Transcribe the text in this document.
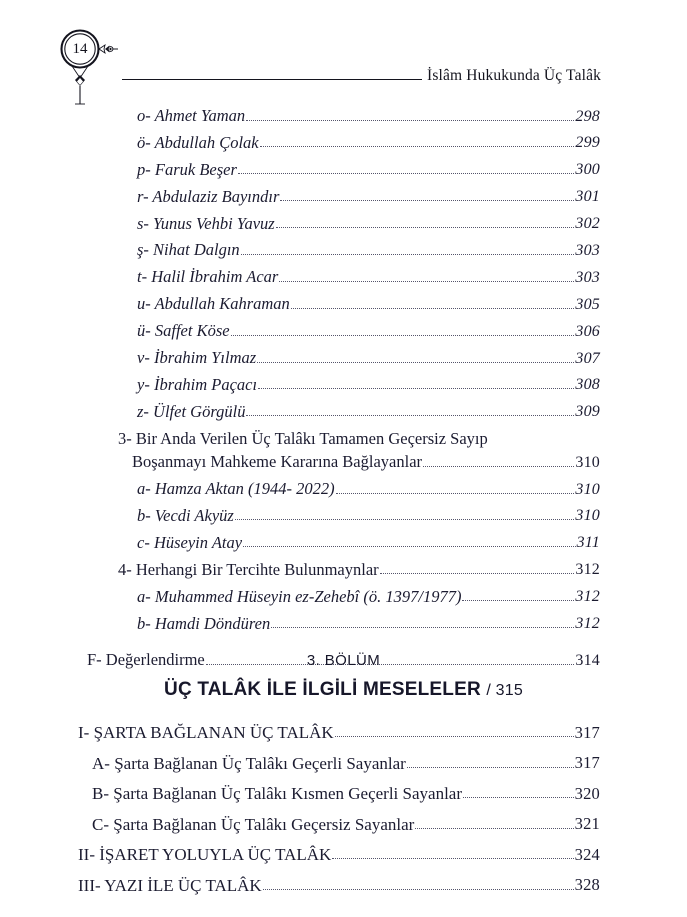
14
İslâm Hukukunda Üç Talâk
o- Ahmet Yaman	298
ö- Abdullah Çolak	299
p- Faruk Beşer	300
r- Abdulaziz Bayındır	301
s- Yunus Vehbi Yavuz	302
ş- Nihat Dalgın	303
t- Halil İbrahim Acar	303
u- Abdullah Kahraman	305
ü- Saffet Köse	306
v- İbrahim Yılmaz	307
y- İbrahim Paçacı	308
z- Ülfet Görgülü	309
3- Bir Anda Verilen Üç Talâkı Tamamen Geçersiz Sayıp
Boşanmayı Mahkeme Kararına Bağlayanlar	310
a- Hamza Aktan (1944- 2022)	310
b- Vecdi Akyüz	310
c- Hüseyin Atay	311
4- Herhangi Bir Tercihte Bulunmaynlar	312
a- Muhammed Hüseyin ez-Zehebî (ö. 1397/1977)	312
b- Hamdi Döndüren	312
F- Değerlendirme	314
3. BÖLÜM
ÜÇ TALÂK İLE İLGİLİ MESELELER / 315
I- ŞARTA BAĞLANAN ÜÇ TALÂK	317
A- Şarta Bağlanan Üç Talâkı Geçerli Sayanlar	317
B- Şarta Bağlanan Üç Talâkı Kısmen Geçerli Sayanlar	320
C- Şarta Bağlanan Üç Talâkı Geçersiz Sayanlar	321
II- İŞARET YOLUYLA ÜÇ TALÂK	324
III- YAZI İLE ÜÇ TALÂK	328
